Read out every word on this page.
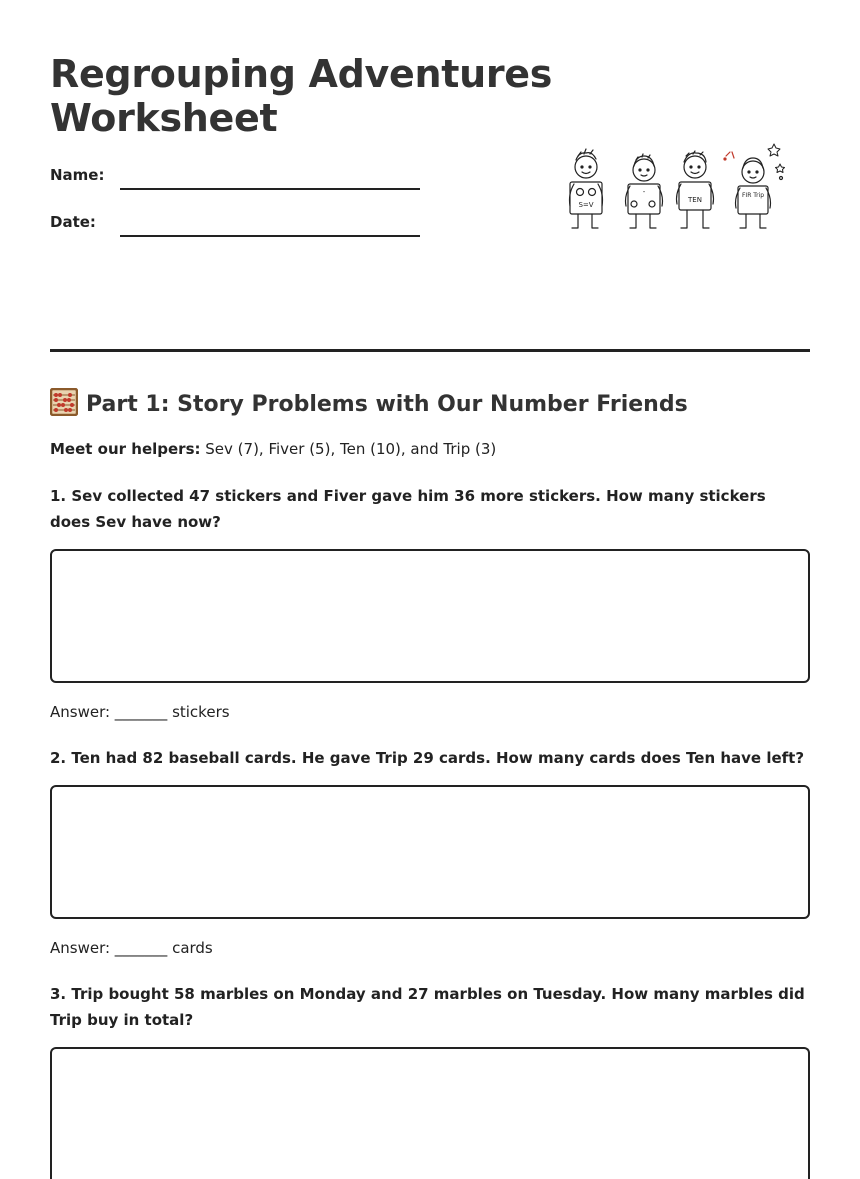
Regrouping Adventures Worksheet
Name:
Date:
S=V
-
TEN
FIR Trip
Part 1: Story Problems with Our Number Friends
Meet our helpers: Sev (7), Fiver (5), Ten (10), and Trip (3)

1. Sev collected 47 stickers and Fiver gave him 36 more stickers. How many stickers does Sev have now?

Answer: _______ stickers

2. Ten had 82 baseball cards. He gave Trip 29 cards. How many cards does Ten have left?

Answer: _______ cards

3. Trip bought 58 marbles on Monday and 27 marbles on Tuesday. How many marbles did Trip buy in total?
